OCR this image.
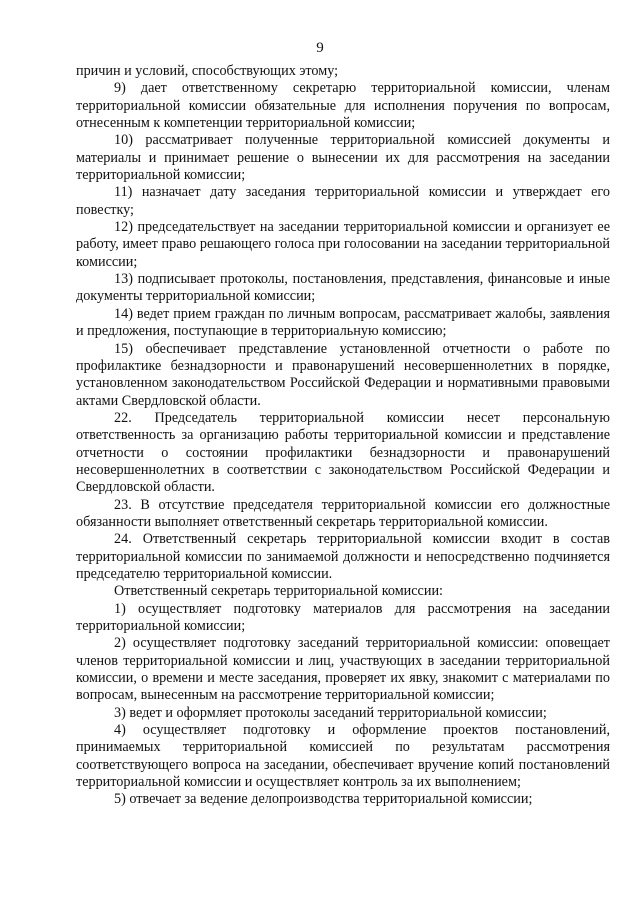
9

причин и условий, способствующих этому;

9) дает ответственному секретарю территориальной комиссии, членам территориальной комиссии обязательные для исполнения поручения по вопросам, отнесенным к компетенции территориальной комиссии;

10) рассматривает полученные территориальной комиссией документы и материалы и принимает решение о вынесении их для рассмотрения на заседании территориальной комиссии;

11) назначает дату заседания территориальной комиссии и утверждает его повестку;

12) председательствует на заседании территориальной комиссии и организует ее работу, имеет право решающего голоса при голосовании на заседании территориальной комиссии;

13) подписывает протоколы, постановления, представления, финансовые и иные документы территориальной комиссии;

14) ведет прием граждан по личным вопросам, рассматривает жалобы, заявления и предложения, поступающие в территориальную комиссию;

15) обеспечивает представление установленной отчетности о работе по профилактике безнадзорности и правонарушений несовершеннолетних в порядке, установленном законодательством Российской Федерации и нормативными правовыми актами Свердловской области.

22. Председатель территориальной комиссии несет персональную ответственность за организацию работы территориальной комиссии и представление отчетности о состоянии профилактики безнадзорности и правонарушений несовершеннолетних в соответствии с законодательством Российской Федерации и Свердловской области.

23. В отсутствие председателя территориальной комиссии его должностные обязанности выполняет ответственный секретарь территориальной комиссии.

24. Ответственный секретарь территориальной комиссии входит в состав территориальной комиссии по занимаемой должности и непосредственно подчиняется председателю территориальной комиссии.

Ответственный секретарь территориальной комиссии:

1) осуществляет подготовку материалов для рассмотрения на заседании территориальной комиссии;

2) осуществляет подготовку заседаний территориальной комиссии: оповещает членов территориальной комиссии и лиц, участвующих в заседании территориальной комиссии, о времени и месте заседания, проверяет их явку, знакомит с материалами по вопросам, вынесенным на рассмотрение территориальной комиссии;

3) ведет и оформляет протоколы заседаний территориальной комиссии;

4) осуществляет подготовку и оформление проектов постановлений, принимаемых территориальной комиссией по результатам рассмотрения соответствующего вопроса на заседании, обеспечивает вручение копий постановлений территориальной комиссии и осуществляет контроль за их выполнением;

5) отвечает за ведение делопроизводства территориальной комиссии;
